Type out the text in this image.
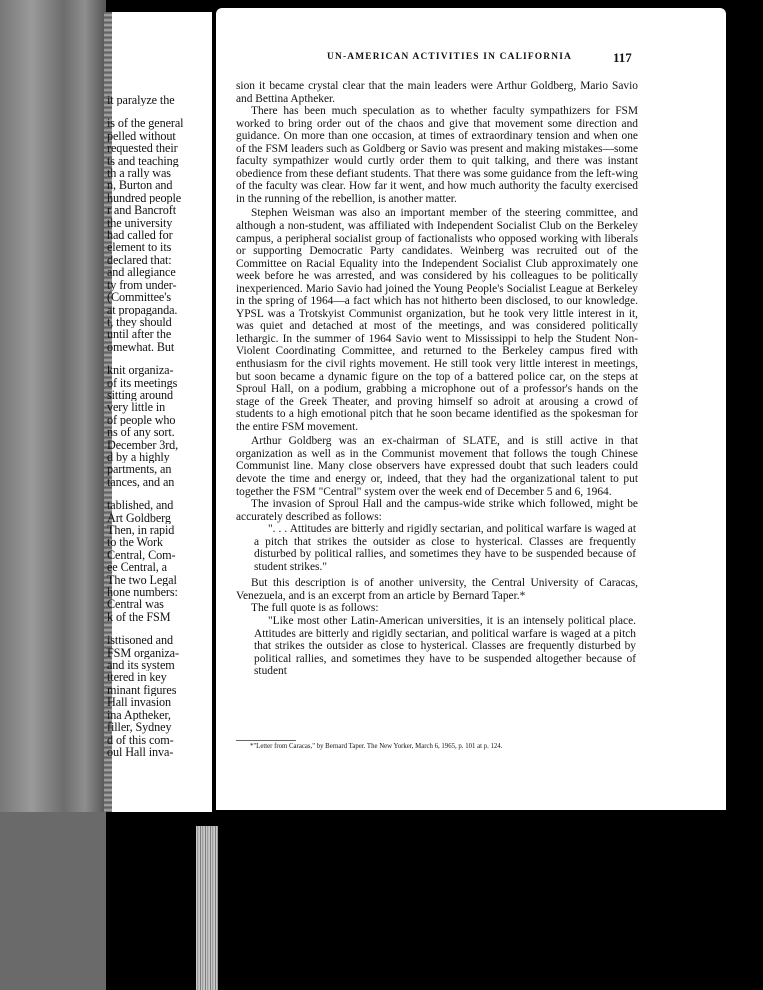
it paralyze the
is of the general
pelled without
requested their
ts and teaching
th a rally was
n, Burton and
hundred people
r and Bancroft
the university
had called for
element to its
declared that:
and allegiance
ty from under-
(Committee's
at propaganda.
t, they should
until after the
omewhat. But
knit organiza-
of its meetings
sitting around
very little in
of people who
ns of any sort.
December 3rd,
d by a highly
partments, an
tances, and an
tablished, and
Art Goldberg
Then, in rapid
to the Work
Central, Com-
ee Central, a
The two Legal
hone numbers:
Central was
k of the FSM
isttisoned and
FSM organiza-
and its system
ttered in key
minant figures
Hall invasion
ina Aptheker,
filler, Sydney
d of this com-
oul Hall inva-
UN-AMERICAN ACTIVITIES IN CALIFORNIA	117

sion it became crystal clear that the main leaders were Arthur Goldberg, Mario Savio and Bettina Aptheker.

There has been much speculation as to whether faculty sympathizers for FSM worked to bring order out of the chaos and give that movement some direction and guidance. On more than one occasion, at times of extraordinary tension and when one of the FSM leaders such as Goldberg or Savio was present and making mistakes—some faculty sympathizer would curtly order them to quit talking, and there was instant obedience from these defiant students. That there was some guidance from the left-wing of the faculty was clear. How far it went, and how much authority the faculty exercised in the running of the rebellion, is another matter.

Stephen Weisman was also an important member of the steering committee, and although a non-student, was affiliated with Independent Socialist Club on the Berkeley campus, a peripheral socialist group of factionalists who opposed working with liberals or supporting Democratic Party candidates. Weinberg was recruited out of the Committee on Racial Equality into the Independent Socialist Club approximately one week before he was arrested, and was considered by his colleagues to be politically inexperienced. Mario Savio had joined the Young People's Socialist League at Berkeley in the spring of 1964—a fact which has not hitherto been disclosed, to our knowledge. YPSL was a Trotskyist Communist organization, but he took very little interest in it, was quiet and detached at most of the meetings, and was considered politically lethargic. In the summer of 1964 Savio went to Mississippi to help the Student Non-Violent Coordinating Committee, and returned to the Berkeley campus fired with enthusiasm for the civil rights movement. He still took very little interest in meetings, but soon became a dynamic figure on the top of a battered police car, on the steps at Sproul Hall, on a podium, grabbing a microphone out of a professor's hands on the stage of the Greek Theater, and proving himself so adroit at arousing a crowd of students to a high emotional pitch that he soon became identified as the spokesman for the entire FSM movement.

Arthur Goldberg was an ex-chairman of SLATE, and is still active in that organization as well as in the Communist movement that follows the tough Chinese Communist line. Many close observers have expressed doubt that such leaders could devote the time and energy or, indeed, that they had the organizational talent to put together the FSM "Central" system over the week end of December 5 and 6, 1964.

The invasion of Sproul Hall and the campus-wide strike which followed, might be accurately described as follows:

". . . Attitudes are bitterly and rigidly sectarian, and political warfare is waged at a pitch that strikes the outsider as close to hysterical. Classes are frequently disturbed by political rallies, and sometimes they have to be suspended because of student strikes."

But this description is of another university, the Central University of Caracas, Venezuela, and is an excerpt from an article by Bernard Taper.*

The full quote is as follows:

"Like most other Latin-American universities, it is an intensely political place. Attitudes are bitterly and rigidly sectarian, and political warfare is waged at a pitch that strikes the outsider as close to hysterical. Classes are frequently disturbed by political rallies, and sometimes they have to be suspended altogether because of student

*"Letter from Caracas," by Bernard Taper. The New Yorker, March 6, 1965, p. 101 at p. 124.
